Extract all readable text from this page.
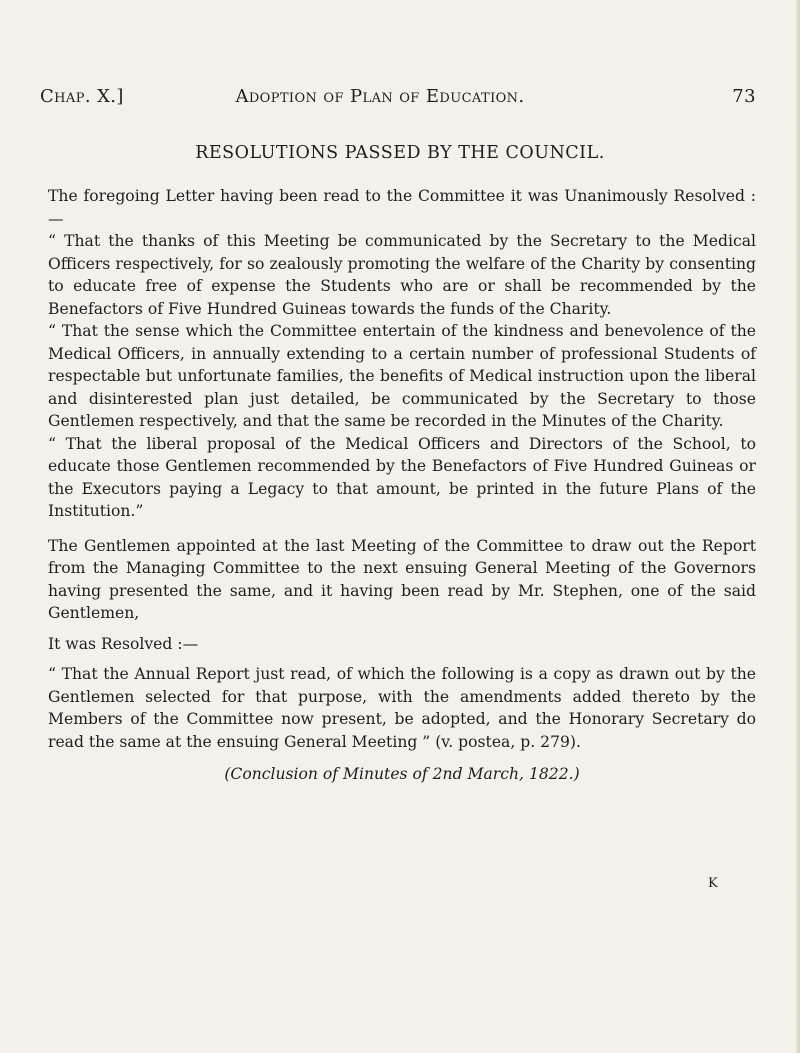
Chap. X.]	Adoption of Plan of Education.	73
RESOLUTIONS PASSED BY THE COUNCIL.

The foregoing Letter having been read to the Committee it was Unanimously Resolved :—

“ That the thanks of this Meeting be communicated by the Secretary to the Medical Officers respectively, for so zealously promoting the welfare of the Charity by consenting to educate free of expense the Students who are or shall be recommended by the Benefactors of Five Hundred Guineas towards the funds of the Charity.

“ That the sense which the Committee entertain of the kindness and benevolence of the Medical Officers, in annually extending to a certain number of professional Students of respectable but unfortunate families, the benefits of Medical instruction upon the liberal and disinterested plan just detailed, be communicated by the Secretary to those Gentlemen respectively, and that the same be recorded in the Minutes of the Charity.

“ That the liberal proposal of the Medical Officers and Directors of the School, to educate those Gentlemen recommended by the Benefactors of Five Hundred Guineas or the Executors paying a Legacy to that amount, be printed in the future Plans of the Institution.”

The Gentlemen appointed at the last Meeting of the Committee to draw out the Report from the Managing Committee to the next ensuing General Meeting of the Governors having presented the same, and it having been read by Mr. Stephen, one of the said Gentlemen,

It was Resolved :—

“ That the Annual Report just read, of which the following is a copy as drawn out by the Gentlemen selected for that purpose, with the amendments added thereto by the Members of the Committee now present, be adopted, and the Honorary Secretary do read the same at the ensuing General Meeting ” (v. postea, p. 279).

(Conclusion of Minutes of 2nd March, 1822.)

K
